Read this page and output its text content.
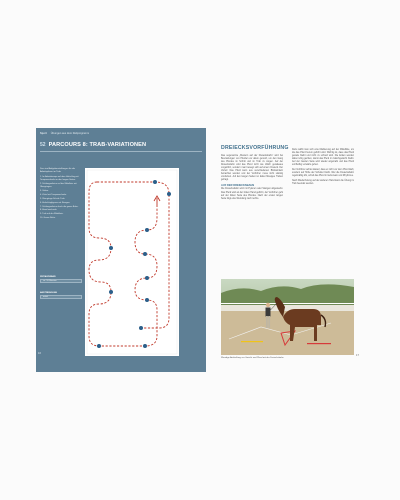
Sport Übungen aus dem Reitprogramm
52 PARCOURS 8: TRAB-VARIATIONEN
Das sind Aufgabenstellungen für die Arbeitsphase im Trab.
1. Im Arbeitstempo auf dem Hufschlag mit Tempowechseln an den langen Seiten.
2. Schlangenlinien auf der Mittellinie mit Übergängen.
3. Volten.
4. Zirkel mit Tempowechseln.
5. Übergänge Schritt–Trab.
6. Hufschlagfiguren mit Stangen.
7. Schlangenlinien durch die ganze Bahn.
8. Hand wechseln.
9. Trab auf der Mittellinie.
10. Ganze Bahn.
ZEITAUFWAND
ca. 10 Minuten
ANSTRENGUNG
mittel
16
DREIECKSVORFÜHRUNG

Das sogenannte „Mustern auf der Dreiecksbahn“ wird bei Beurteilungen von Pferden vor allem genutzt, um den Gang des Pferdes im Schritt und im Trab zu zeigen. Auf der Dreiecksbahn wird das Pferd nicht wie üblich geradeaus vorgeführt, sondern man bewegt sich auf einem Dreieck. Der Vorteil: Das Pferd kann aus verschiedenen Blickwinkeln betrachtet werden und der Vorführer muss nicht ständig umdrehen. Auf den langen Seiten ist dabei flüssiges Traben gefragt.

AUF DER DREIECKSBAHN

Die Dreiecksbahn wird mit Pylonen oder Stangen abgesteckt. Das Pferd wird an der linken Hand geführt, der Vorführer geht auf der linken Seite des Pferdes. Nach der ersten langen Seite folgt eine Wendung nach rechts.

Dazu wählt man sich eine Markierung auf der Mittellinie, um die das Pferd herum geführt wird. Wichtig ist, dass das Pferd gerade bleibt und nicht zu schnell wird. Die Ecken werden dabei ruhig geritten, damit das Pferd im Gleichgewicht bleibt. Auf der zweiten Seite wird wieder angetrabt und das Pferd soll fleißig vorwärts gehen.

Der Vorführer achtet darauf, dass er nicht vor dem Pferd läuft, sondern auf Höhe der Schulter bleibt. Wer die Dreiecksbahn regelmäßig übt, schult das Pferd in Gehorsam und Rhythmus.

Nach Wiederholung auf der anderen Hand kann die Übung im Trab beendet werden.

Wendige Aufstellung vor Gericht und Pferd mit der Dreiecksbahn
17
